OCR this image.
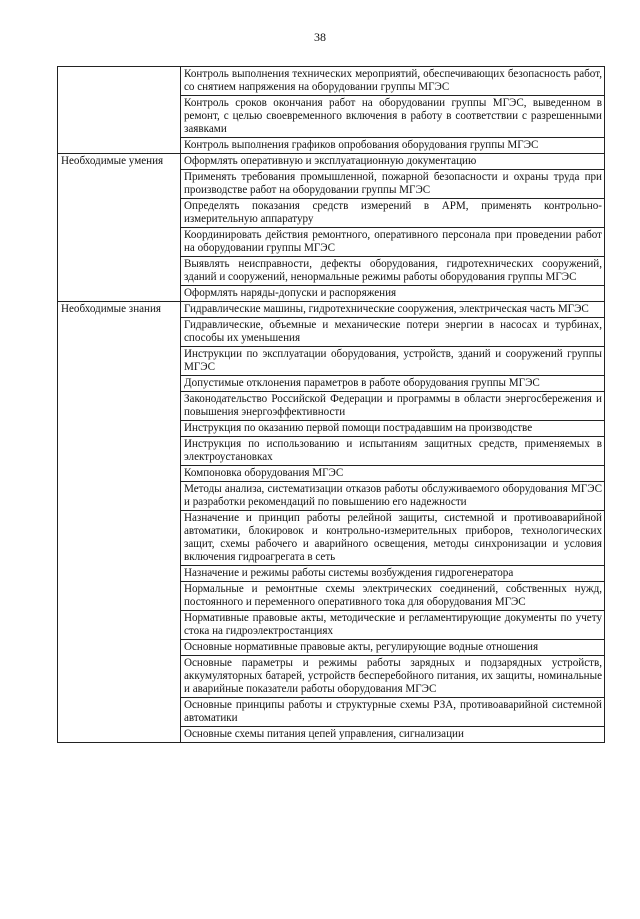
38
	Контроль выполнения технических мероприятий, обеспечивающих безопасность работ, со снятием напряжения на оборудовании группы МГЭС
	Контроль сроков окончания работ на оборудовании группы МГЭС, выведенном в ремонт, с целью своевременного включения в работу в соответствии с разрешенными заявками
	Контроль выполнения графиков опробования оборудования группы МГЭС
Необходимые умения	Оформлять оперативную и эксплуатационную документацию
	Применять требования промышленной, пожарной безопасности и охраны труда при производстве работ на оборудовании группы МГЭС
	Определять показания средств измерений в АРМ, применять контрольно-измерительную аппаратуру
	Координировать действия ремонтного, оперативного персонала при проведении работ на оборудовании группы МГЭС
	Выявлять неисправности, дефекты оборудования, гидротехнических сооружений, зданий и сооружений, ненормальные режимы работы оборудования группы МГЭС
	Оформлять наряды-допуски и распоряжения
Необходимые знания	Гидравлические машины, гидротехнические сооружения, электрическая часть МГЭС
	Гидравлические, объемные и механические потери энергии в насосах и турбинах, способы их уменьшения
	Инструкции по эксплуатации оборудования, устройств, зданий и сооружений группы МГЭС
	Допустимые отклонения параметров в работе оборудования группы МГЭС
	Законодательство Российской Федерации и программы в области энергосбережения и повышения энергоэффективности
	Инструкция по оказанию первой помощи пострадавшим на производстве
	Инструкция по использованию и испытаниям защитных средств, применяемых в электроустановках
	Компоновка оборудования МГЭС
	Методы анализа, систематизации отказов работы обслуживаемого оборудования МГЭС и разработки рекомендаций по повышению его надежности
	Назначение и принцип работы релейной защиты, системной и противоаварийной автоматики, блокировок и контрольно-измерительных приборов, технологических защит, схемы рабочего и аварийного освещения, методы синхронизации и условия включения гидроагрегата в сеть
	Назначение и режимы работы системы возбуждения гидрогенератора
	Нормальные и ремонтные схемы электрических соединений, собственных нужд, постоянного и переменного оперативного тока для оборудования МГЭС
	Нормативные правовые акты, методические и регламентирующие документы по учету стока на гидроэлектростанциях
	Основные нормативные правовые акты, регулирующие водные отношения
	Основные параметры и режимы работы зарядных и подзарядных устройств, аккумуляторных батарей, устройств бесперебойного питания, их защиты, номинальные и аварийные показатели работы оборудования МГЭС
	Основные принципы работы и структурные схемы РЗА, противоаварийной системной автоматики
	Основные схемы питания цепей управления, сигнализации
